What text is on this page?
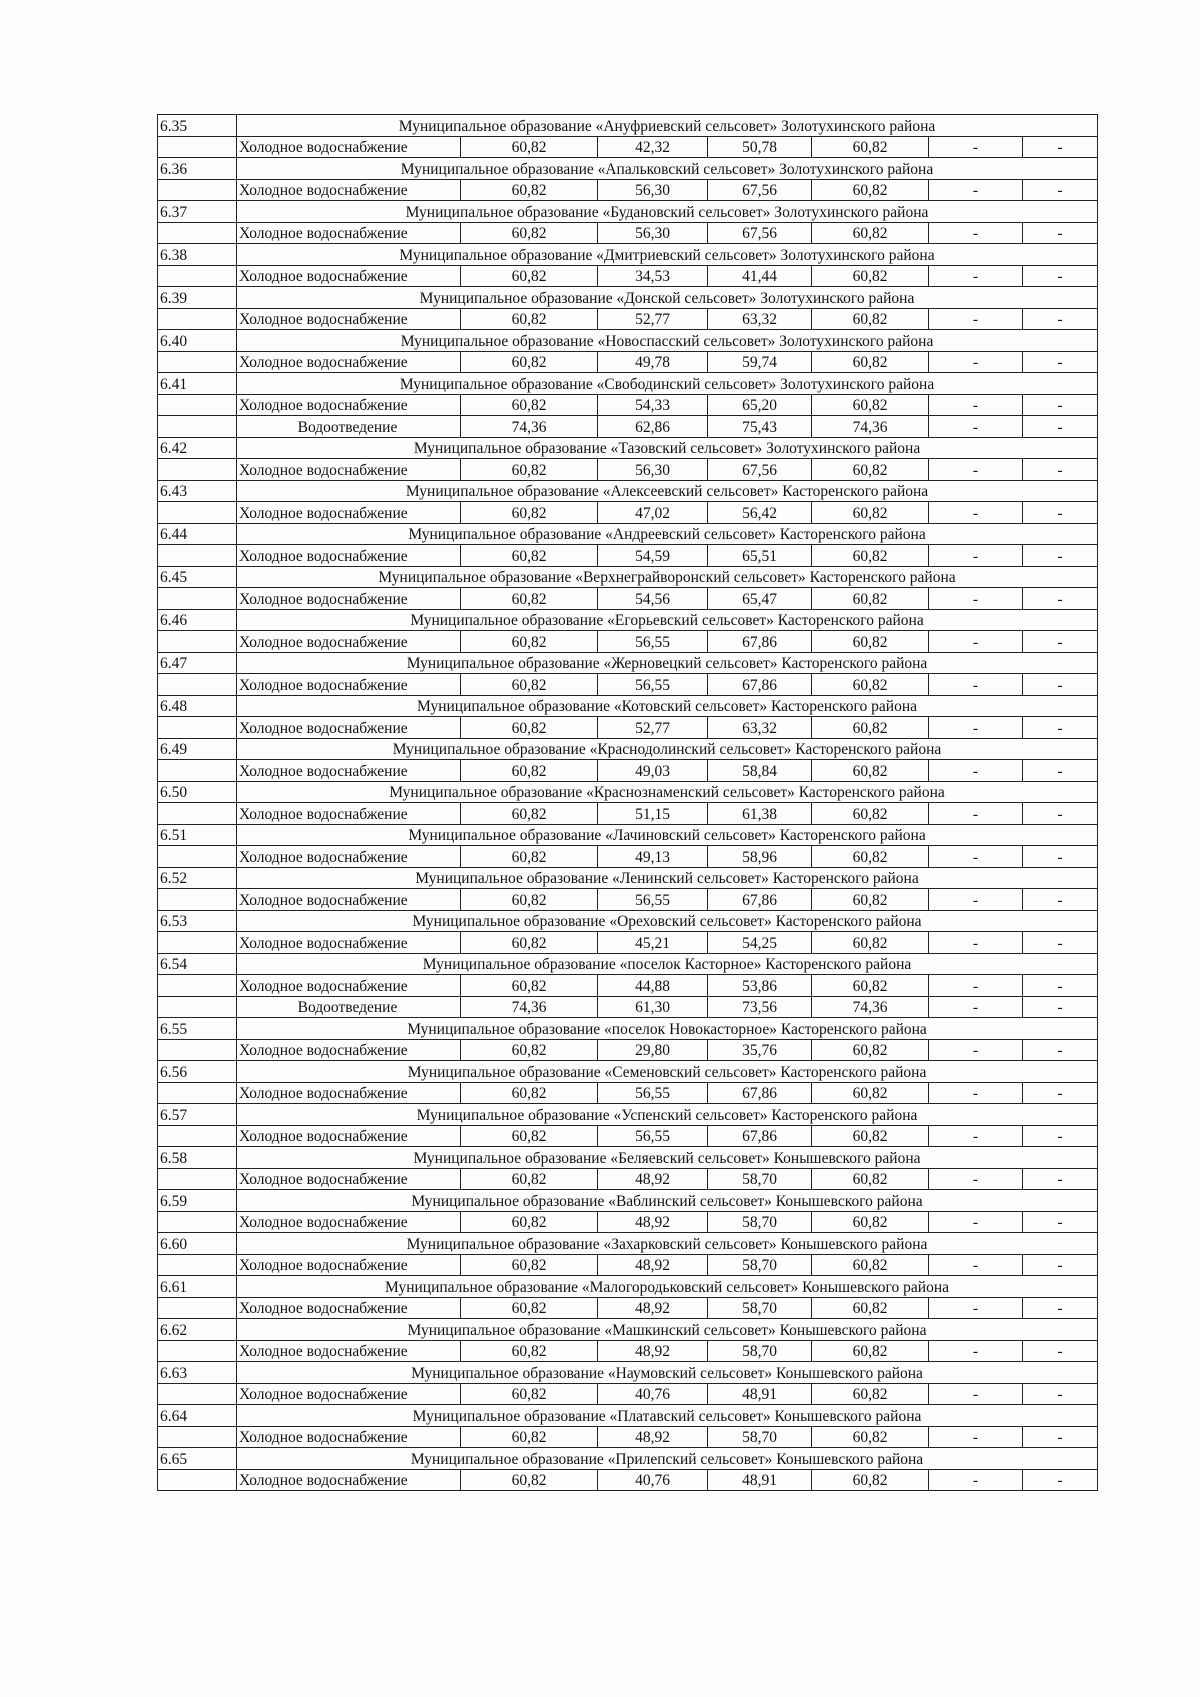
6.35	Муниципальное образование «Ануфриевский сельсовет» Золотухинского района						
	Холодное водоснабжение	60,82	42,32	50,78	60,82	-	-
6.36	Муниципальное образование «Апальковский сельсовет» Золотухинского района						
	Холодное водоснабжение	60,82	56,30	67,56	60,82	-	-
6.37	Муниципальное образование «Будановский сельсовет» Золотухинского района						
	Холодное водоснабжение	60,82	56,30	67,56	60,82	-	-
6.38	Муниципальное образование «Дмитриевский сельсовет» Золотухинского района						
	Холодное водоснабжение	60,82	34,53	41,44	60,82	-	-
6.39	Муниципальное образование «Донской сельсовет» Золотухинского района						
	Холодное водоснабжение	60,82	52,77	63,32	60,82	-	-
6.40	Муниципальное образование «Новоспасский сельсовет» Золотухинского района						
	Холодное водоснабжение	60,82	49,78	59,74	60,82	-	-
6.41	Муниципальное образование «Свободинский сельсовет» Золотухинского района						
	Холодное водоснабжение	60,82	54,33	65,20	60,82	-	-
	Водоотведение	74,36	62,86	75,43	74,36	-	-
6.42	Муниципальное образование «Тазовский сельсовет» Золотухинского района						
	Холодное водоснабжение	60,82	56,30	67,56	60,82	-	-
6.43	Муниципальное образование «Алексеевский сельсовет» Касторенского района						
	Холодное водоснабжение	60,82	47,02	56,42	60,82	-	-
6.44	Муниципальное образование «Андреевский сельсовет» Касторенского района						
	Холодное водоснабжение	60,82	54,59	65,51	60,82	-	-
6.45	Муниципальное образование «Верхнеграйворонский сельсовет» Касторенского района						
	Холодное водоснабжение	60,82	54,56	65,47	60,82	-	-
6.46	Муниципальное образование «Егорьевский сельсовет» Касторенского района						
	Холодное водоснабжение	60,82	56,55	67,86	60,82	-	-
6.47	Муниципальное образование «Жерновецкий сельсовет» Касторенского района						
	Холодное водоснабжение	60,82	56,55	67,86	60,82	-	-
6.48	Муниципальное образование «Котовский сельсовет» Касторенского района						
	Холодное водоснабжение	60,82	52,77	63,32	60,82	-	-
6.49	Муниципальное образование «Краснодолинский сельсовет» Касторенского района						
	Холодное водоснабжение	60,82	49,03	58,84	60,82	-	-
6.50	Муниципальное образование «Краснознаменский сельсовет» Касторенского района						
	Холодное водоснабжение	60,82	51,15	61,38	60,82	-	-
6.51	Муниципальное образование «Лачиновский сельсовет» Касторенского района						
	Холодное водоснабжение	60,82	49,13	58,96	60,82	-	-
6.52	Муниципальное образование «Ленинский сельсовет» Касторенского района						
	Холодное водоснабжение	60,82	56,55	67,86	60,82	-	-
6.53	Муниципальное образование «Ореховский сельсовет» Касторенского района						
	Холодное водоснабжение	60,82	45,21	54,25	60,82	-	-
6.54	Муниципальное образование «поселок Касторное» Касторенского района						
	Холодное водоснабжение	60,82	44,88	53,86	60,82	-	-
	Водоотведение	74,36	61,30	73,56	74,36	-	-
6.55	Муниципальное образование «поселок Новокасторное» Касторенского района						
	Холодное водоснабжение	60,82	29,80	35,76	60,82	-	-
6.56	Муниципальное образование «Семеновский сельсовет» Касторенского района						
	Холодное водоснабжение	60,82	56,55	67,86	60,82	-	-
6.57	Муниципальное образование «Успенский сельсовет» Касторенского района						
	Холодное водоснабжение	60,82	56,55	67,86	60,82	-	-
6.58	Муниципальное образование «Беляевский сельсовет» Конышевского района						
	Холодное водоснабжение	60,82	48,92	58,70	60,82	-	-
6.59	Муниципальное образование «Ваблинский сельсовет» Конышевского района						
	Холодное водоснабжение	60,82	48,92	58,70	60,82	-	-
6.60	Муниципальное образование «Захарковский сельсовет» Конышевского района						
	Холодное водоснабжение	60,82	48,92	58,70	60,82	-	-
6.61	Муниципальное образование «Малогородьковский сельсовет» Конышевского района						
	Холодное водоснабжение	60,82	48,92	58,70	60,82	-	-
6.62	Муниципальное образование «Машкинский сельсовет» Конышевского района						
	Холодное водоснабжение	60,82	48,92	58,70	60,82	-	-
6.63	Муниципальное образование «Наумовский сельсовет» Конышевского района						
	Холодное водоснабжение	60,82	40,76	48,91	60,82	-	-
6.64	Муниципальное образование «Платавский сельсовет» Конышевского района						
	Холодное водоснабжение	60,82	48,92	58,70	60,82	-	-
6.65	Муниципальное образование «Прилепский сельсовет» Конышевского района						
	Холодное водоснабжение	60,82	40,76	48,91	60,82	-	-
